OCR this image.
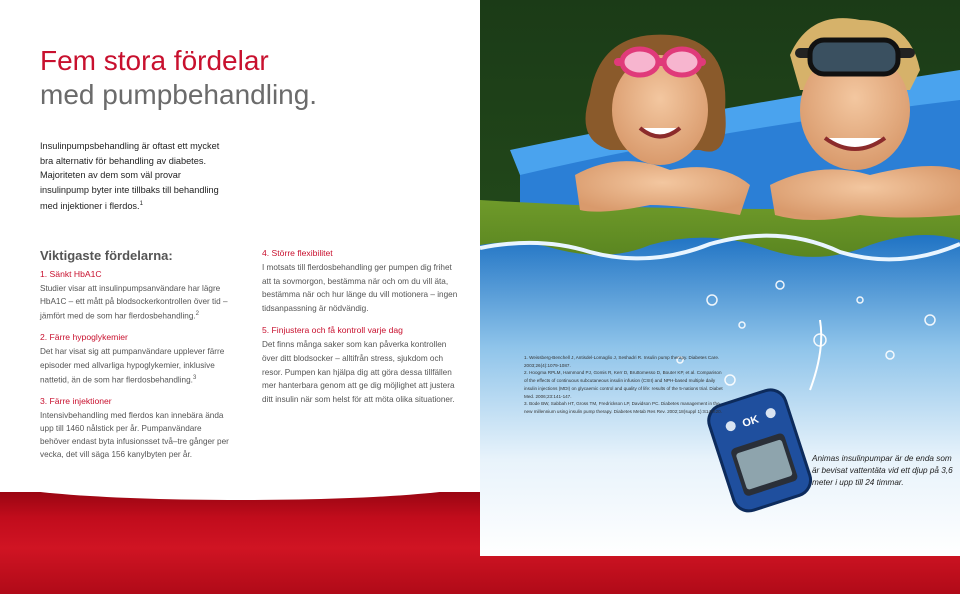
Fem stora fördelar
med pumpbehandling.

Insulinpumpsbehandling är oftast ett mycket bra alternativ för behandling av diabetes. Majoriteten av dem som väl provar insulinpump byter inte tillbaks till behandling med injektioner i flerdos.$^1$

Viktigaste fördelarna:
1. Sänkt HbA1C

Studier visar att insulinpumpsanvändare har lägre HbA1C – ett mått på blodsockerkontrollen över tid – jämfört med de som har flerdosbehandling.$^2$

2. Färre hypoglykemier

Det har visat sig att pumpanvändare upplever färre episoder med allvarliga hypoglykemier, inklusive nattetid, än de som har flerdosbehandling.$^3$

3. Färre injektioner

Intensivbehandling med flerdos kan innebära ända upp till 1460 nålstick per år. Pumpanvändare behöver endast byta infusionsset två–tre gånger per vecka, det vill säga 156 kanylbyten per år.

4. Större flexibilitet

I motsats till flerdosbehandling ger pumpen dig frihet att ta sovmorgon, bestämma när och om du vill äta, bestämma när och hur länge du vill motionera – ingen tidsanpassning är nödvändig.

5. Finjustera och få kontroll varje dag

Det finns många saker som kan påverka kontrollen över ditt blodsocker – alltifrån stress, sjukdom och resor. Pumpen kan hjälpa dig att göra dessa tillfällen mer hanterbara genom att ge dig möjlighet att justera ditt insulin när som helst för att möta olika situationer.

OK
1. Weissberg-Benchell J, Antisdel-Lomaglio J, Seshadri R. Insulin pump therapy. Diabetes Care. 2003;26(4):1079-1087.
2. Hoogma RPLM, Hammond PJ, Gomis R, Kerr D, Bruttomesso D, Bouter KP, et al. Comparison of the effects of continuous subcutaneous insulin infusion (CSII) and NPH-based multiple daily insulin injections (MDI) on glycaemic control and quality of life: results of the 5-nations trial. Diabet Med. 2006;23:141-147.
3. Bode BW, Sabbah HT, Gross TM, Fredrickson LP, Davidson PC. Diabetes management in the new millennium using insulin pump therapy. Diabetes Metab Res Rev. 2002;18(suppl 1):S14-S20.

Animas insulinpumpar är de enda som är bevisat vattentäta vid ett djup på 3,6 meter i upp till 24 timmar.
